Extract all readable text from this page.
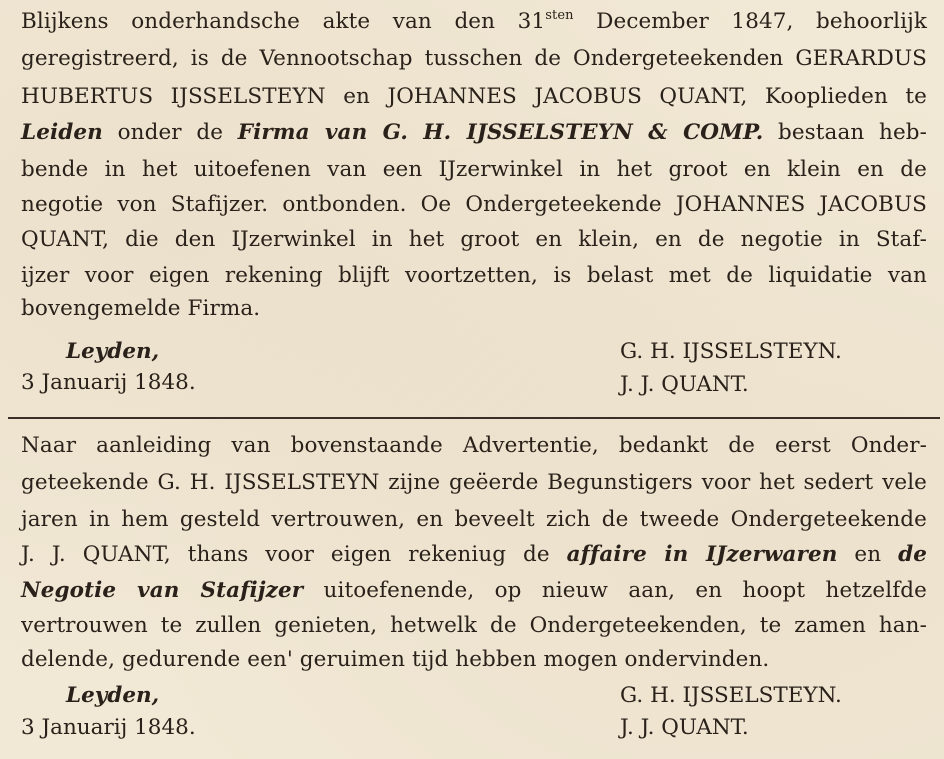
Blijkens onderhandsche akte van den $31^{sten}$ December 1847, behoorlijk
geregistreerd, is de Vennootschap tusschen de Ondergeteekenden GERARDUS
HUBERTUS IJSSELSTEYN en JOHANNES JACOBUS QUANT, Kooplieden te
Leiden onder de Firma van G. H. IJSSELSTEYN & COMP. bestaan heb-
bende in het uitoefenen van een IJzerwinkel in het groot en klein en de
negotie von Stafijzer. ontbonden. Oe Ondergeteekende JOHANNES JACOBUS
QUANT, die den IJzerwinkel in het groot en klein, en de negotie in Staf-
ijzer voor eigen rekening blijft voortzetten, is belast met de liquidatie van
bovengemelde Firma.
Leyden,
3 Januarij 1848.
G. H. IJSSELSTEYN.
J. J. QUANT.
Naar aanleiding van bovenstaande Advertentie, bedankt de eerst Onder-
geteekende G. H. IJSSELSTEYN zijne geëerde Begunstigers voor het sedert vele
jaren in hem gesteld vertrouwen, en beveelt zich de tweede Ondergeteekende
J. J. QUANT, thans voor eigen rekeniug de affaire in IJzerwaren en de
Negotie van Stafijzer uitoefenende, op nieuw aan, en hoopt hetzelfde
vertrouwen te zullen genieten, hetwelk de Ondergeteekenden, te zamen han-
delende, gedurende een' geruimen tijd hebben mogen ondervinden.
Leyden,
3 Januarij 1848.
G. H. IJSSELSTEYN.
J. J. QUANT.
